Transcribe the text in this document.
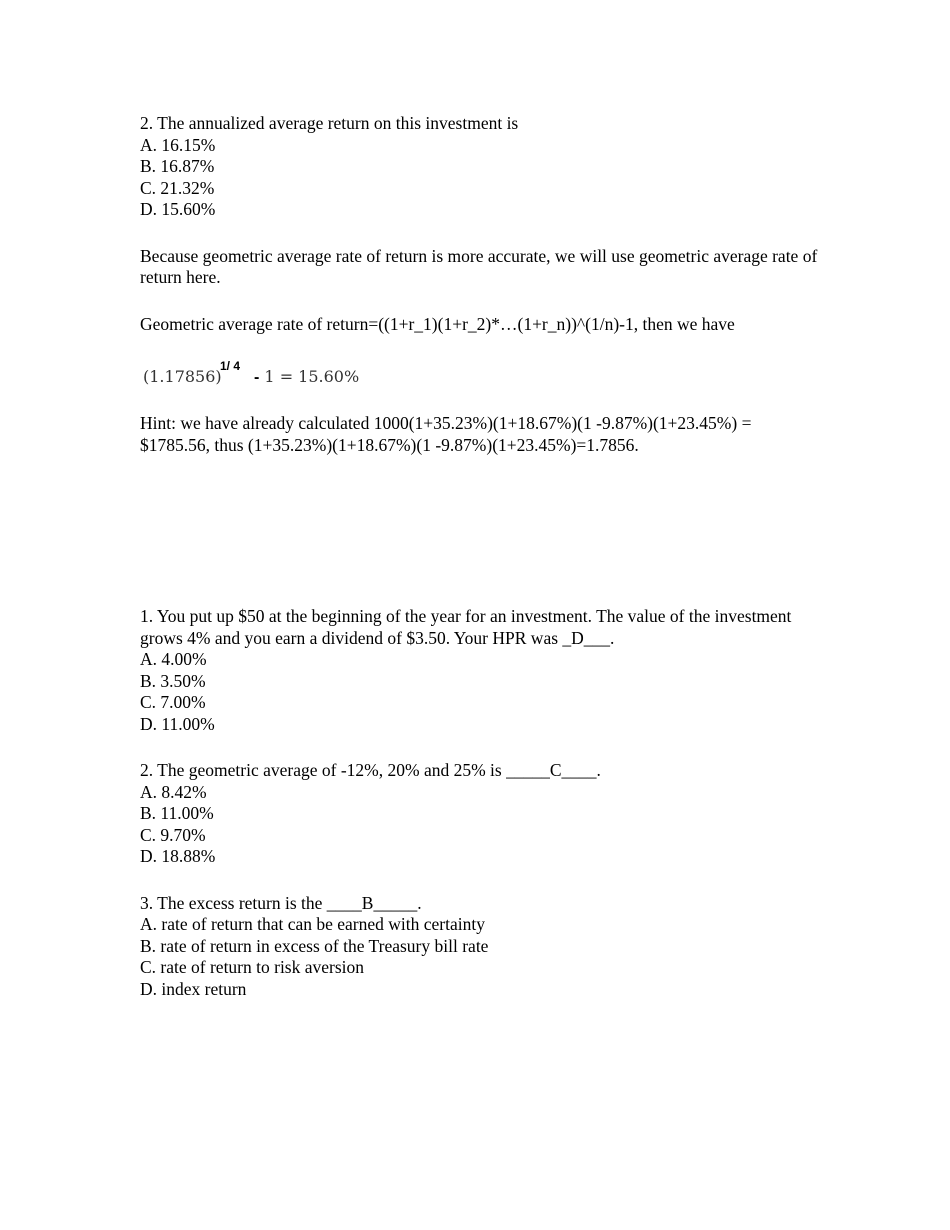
2. The annualized average return on this investment is
A. 16.15%
B. 16.87%
C. 21.32%
D. 15.60%
Because geometric average rate of return is more accurate, we will use geometric average rate of return here.
Geometric average rate of return=((1+r_1)(1+r_2)*…(1+r_n))^(1/n)-1, then we have
(1.17856)
1/ 4
- 1 = 15.60%
Hint: we have already calculated 1000(1+35.23%)(1+18.67%)(1 -9.87%)(1+23.45%) = $1785.56, thus (1+35.23%)(1+18.67%)(1 -9.87%)(1+23.45%)=1.7856.
1. You put up $50 at the beginning of the year for an investment. The value of the investment grows 4% and you earn a dividend of $3.50. Your HPR was _D___.
A. 4.00%
B. 3.50%
C. 7.00%
D. 11.00%
2. The geometric average of -12%, 20% and 25% is _____C____.
A. 8.42%
B. 11.00%
C. 9.70%
D. 18.88%
3. The excess return is the ____B_____.
A. rate of return that can be earned with certainty
B. rate of return in excess of the Treasury bill rate
C. rate of return to risk aversion
D. index return
